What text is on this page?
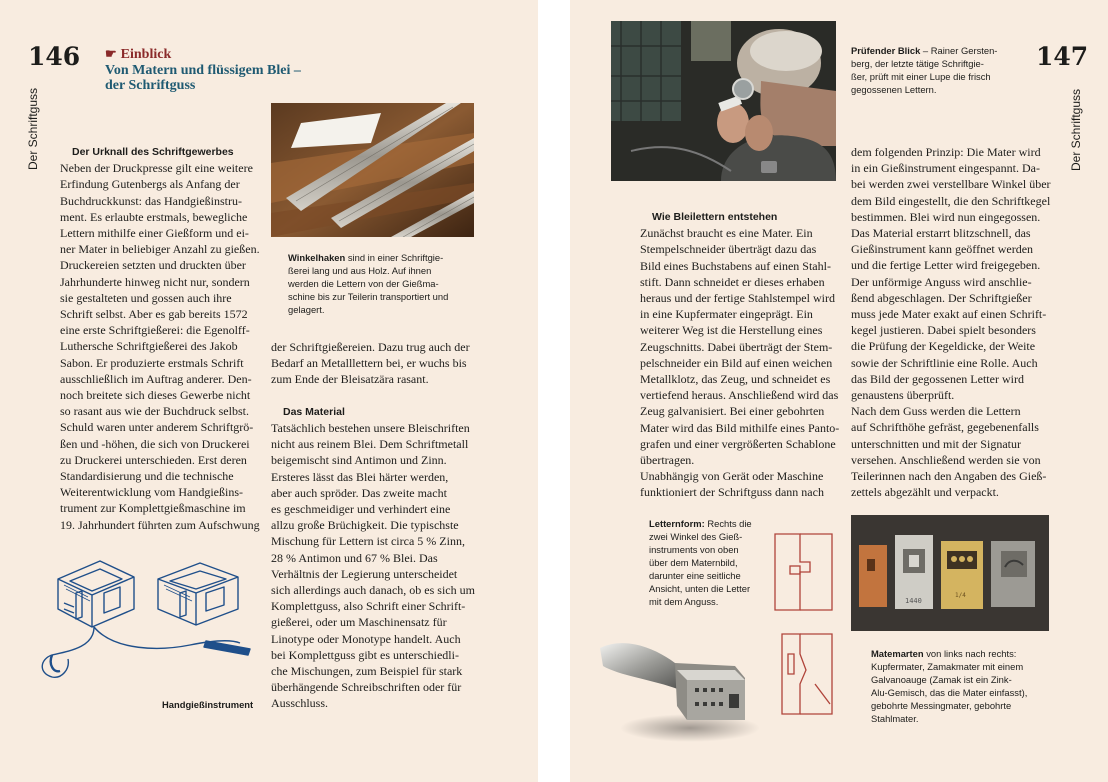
146
Der Schriftguss
☛ Einblick
Von Matern und flüssigem Blei –
der Schriftguss
Der Urknall des Schriftgewerbes
Neben der Druckpresse gilt eine weitere
Erfindung Gutenbergs als Anfang der
Buchdruckkunst: das Handgießinstru-
ment. Es erlaubte erstmals, bewegliche
Lettern mithilfe einer Gießform und ei-
ner Mater in beliebiger Anzahl zu gießen.
Druckereien setzten und druckten über
Jahrhunderte hinweg nicht nur, sondern
sie gestalteten und gossen auch ihre
Schrift selbst. Aber es gab bereits 1572
eine erste Schriftgießerei: die Egenolff-
Luthersche Schriftgießerei des Jakob
Sabon. Er produzierte erstmals Schrift
ausschließlich im Auftrag anderer. Den-
noch breitete sich dieses Gewerbe nicht
so rasant aus wie der Buchdruck selbst.
Schuld waren unter anderem Schriftgrö-
ßen und -höhen, die sich von Druckerei
zu Druckerei unterschieden. Erst deren
Standardisierung und die technische
Weiterentwicklung vom Handgießins-
trument zur Komplettgießmaschine im
19. Jahrhundert führten zum Aufschwung
Winkelhaken sind in einer Schriftgie-
ßerei lang und aus Holz. Auf ihnen
werden die Lettern von der Gießma-
schine bis zur Teilerin transportiert und
gelagert.
der Schriftgießereien. Dazu trug auch der
Bedarf an Metalllettern bei, er wuchs bis
zum Ende der Bleisatzära rasant.
Das Material
Tatsächlich bestehen unsere Bleischriften
nicht aus reinem Blei. Dem Schriftmetall
beigemischt sind Antimon und Zinn.
Ersteres lässt das Blei härter werden,
aber auch spröder. Das zweite macht
es geschmeidiger und verhindert eine
allzu große Brüchigkeit. Die typischste
Mischung für Lettern ist circa 5 % Zinn,
28 % Antimon und 67 % Blei. Das
Verhältnis der Legierung unterscheidet
sich allerdings auch danach, ob es sich um
Komplettguss, also Schrift einer Schrift-
gießerei, oder um Maschinensatz für
Linotype oder Monotype handelt. Auch
bei Komplettguss gibt es unterschiedli-
che Mischungen, zum Beispiel für stark
überhängende Schreibschriften oder für
Ausschluss.
Handgießinstrument
147
Der Schriftguss
Prüfender Blick – Rainer Gersten-
berg, der letzte tätige Schriftgie-
ßer, prüft mit einer Lupe die frisch
gegossenen Lettern.
Wie Bleilettern entstehen
Zunächst braucht es eine Mater. Ein
Stempelschneider überträgt dazu das
Bild eines Buchstabens auf einen Stahl-
stift. Dann schneidet er dieses erhaben
heraus und der fertige Stahlstempel wird
in eine Kupfermater eingeprägt. Ein
weiterer Weg ist die Herstellung eines
Zeugschnitts. Dabei überträgt der Stem-
pelschneider ein Bild auf einen weichen
Metallklotz, das Zeug, und schneidet es
vertiefend heraus. Anschließend wird das
Zeug galvanisiert. Bei einer gebohrten
Mater wird das Bild mithilfe eines Panto-
grafen und einer vergrößerten Schablone
übertragen.
Unabhängig von Gerät oder Maschine
funktioniert der Schriftguss dann nach
dem folgenden Prinzip: Die Mater wird
in ein Gießinstrument eingespannt. Da-
bei werden zwei verstellbare Winkel über
dem Bild eingestellt, die den Schriftkegel
bestimmen. Blei wird nun eingegossen.
Das Material erstarrt blitzschnell, das
Gießinstrument kann geöffnet werden
und die fertige Letter wird freigegeben.
Der unförmige Anguss wird anschlie-
ßend abgeschlagen. Der Schriftgießer
muss jede Mater exakt auf einen Schrift-
kegel justieren. Dabei spielt besonders
die Prüfung der Kegeldicke, der Weite
sowie der Schriftlinie eine Rolle. Auch
das Bild der gegossenen Letter wird
genaustens überprüft.
Nach dem Guss werden die Lettern
auf Schrifthöhe gefräst, gegebenenfalls
unterschnitten und mit der Signatur
versehen. Anschließend werden sie von
Teilerinnen nach den Angaben des Gieß-
zettels abgezählt und verpackt.
Letternform: Rechts die
zwei Winkel des Gieß-
instruments von oben
über dem Maternbild,
darunter eine seitliche
Ansicht, unten die Letter
mit dem Anguss.	1440
1/4
Matemarten von links nach rechts:
Kupfermater, Zamakmater mit einem
Galvanoauge (Zamak ist ein Zink-
Alu-Gemisch, das die Mater einfasst),
gebohrte Messingmater, gebohrte
Stahlmater.
